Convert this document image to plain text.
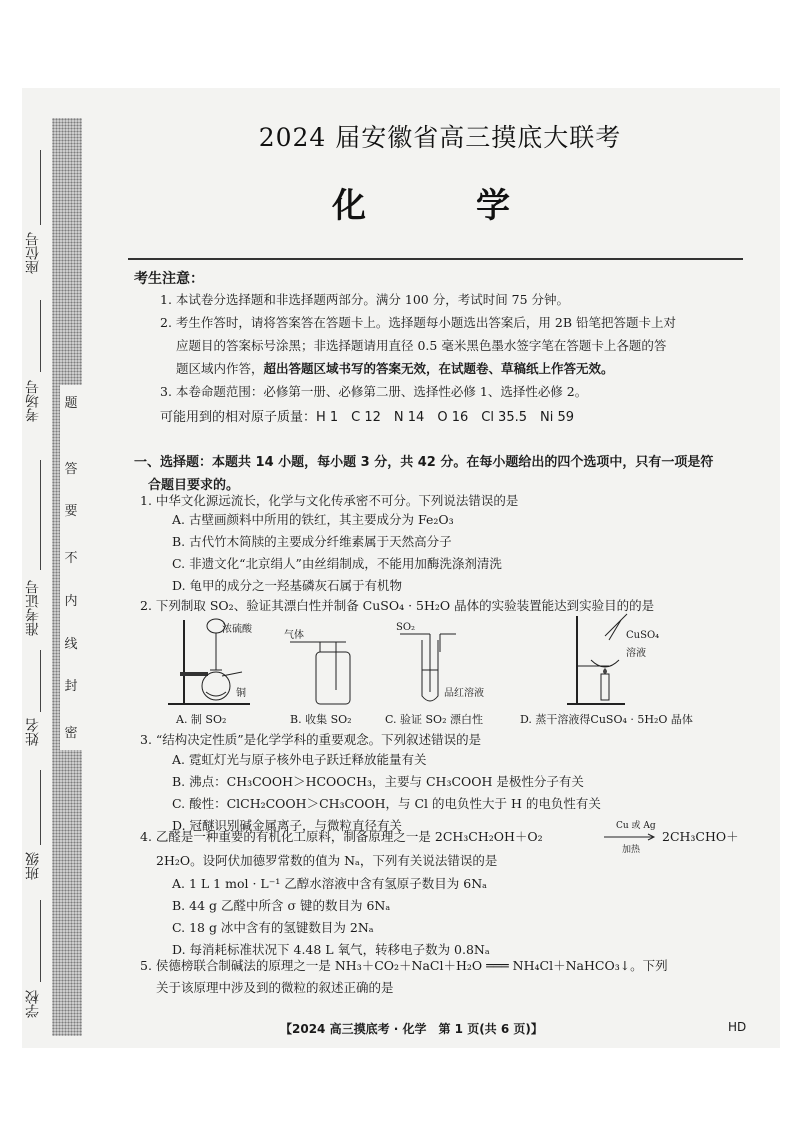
题
答
要
不
内
线
封
密
座位号
考场号
准考证号
姓名
班级
学校
2024 届安徽省高三摸底大联考
化　学
考生注意：
1. 本试卷分选择题和非选择题两部分。满分 100 分，考试时间 75 分钟。
2. 考生作答时，请将答案答在答题卡上。选择题每小题选出答案后，用 2B 铅笔把答题卡上对
应题目的答案标号涂黑；非选择题请用直径 0.5 毫米黑色墨水签字笔在答题卡上各题的答
题区域内作答，超出答题区域书写的答案无效，在试题卷、草稿纸上作答无效。
3. 本卷命题范围：必修第一册、必修第二册、选择性必修 1、选择性必修 2。
可能用到的相对原子质量：H 1　C 12　N 14　O 16　Cl 35.5　Ni 59
一、选择题：本题共 14 小题，每小题 3 分，共 42 分。在每小题给出的四个选项中，只有一项是符
合题目要求的。
1. 中华文化源远流长，化学与文化传承密不可分。下列说法错误的是
A. 古壁画颜料中所用的铁红，其主要成分为 Fe₂O₃
B. 古代竹木简牍的主要成分纤维素属于天然高分子
C. 非遗文化“北京绢人”由丝绢制成，不能用加酶洗涤剂清洗
D. 龟甲的成分之一羟基磷灰石属于有机物
2. 下列制取 SO₂、验证其漂白性并制备 CuSO₄ · 5H₂O 晶体的实验装置能达到实验目的的是
浓硫酸
铜
A. 制 SO₂
气体
B. 收集 SO₂
SO₂
品红溶液
C. 验证 SO₂ 漂白性
CuSO₄
溶液
D. 蒸干溶液得CuSO₄ · 5H₂O 晶体
3. “结构决定性质”是化学学科的重要观念。下列叙述错误的是
A. 霓虹灯光与原子核外电子跃迁释放能量有关
B. 沸点：CH₃COOH＞HCOOCH₃，主要与 CH₃COOH 是极性分子有关
C. 酸性：ClCH₂COOH＞CH₃COOH，与 Cl 的电负性大于 H 的电负性有关
D. 冠醚识别碱金属离子，与微粒直径有关
4. 乙醛是一种重要的有机化工原料，制备原理之一是 2CH₃CH₂OH＋O₂
Cu 或 Ag
加热
2CH₃CHO＋
2H₂O。设阿伏加德罗常数的值为 Nₐ，下列有关说法错误的是
A. 1 L 1 mol · L⁻¹ 乙醇水溶液中含有氢原子数目为 6Nₐ
B. 44 g 乙醛中所含 σ 键的数目为 6Nₐ
C. 18 g 冰中含有的氢键数目为 2Nₐ
D. 每消耗标准状况下 4.48 L 氧气，转移电子数为 0.8Nₐ
5. 侯德榜联合制碱法的原理之一是 NH₃＋CO₂＋NaCl＋H₂O ═══ NH₄Cl＋NaHCO₃↓。下列
关于该原理中涉及到的微粒的叙述正确的是
【2024 高三摸底考 · 化学　第 1 页(共 6 页)】	HD
